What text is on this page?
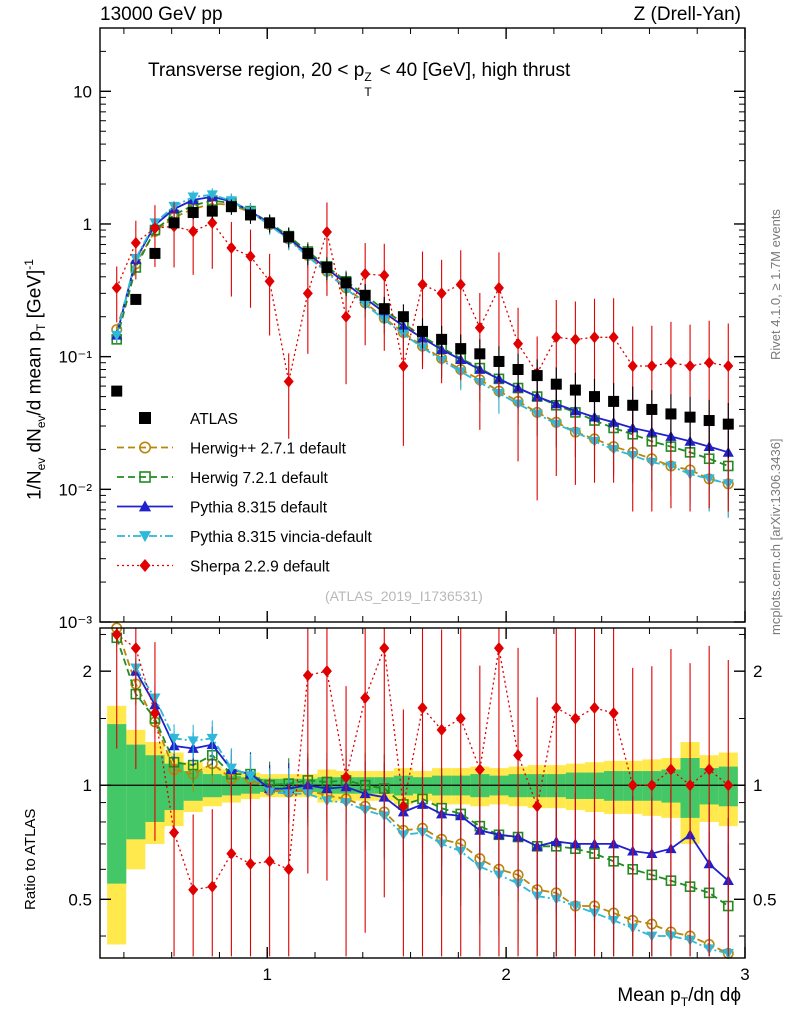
13000 GeV pp	Z (Drell-Yan)
Rivet 4.1.0, ≥ 1.7M events
mcplots.cern.ch [arXiv:1306.3436]
Transverse region, 20 < p
T
Z < 40 [GeV], high thrust
$1/N_{ev}$ $dN_{ev}/d$ mean $p_T$ [GeV]$^{-1}$
Ratio to ATLAS
Mean $p_T/d\eta$ dϕ
(ATLAS_2019_I1736531)
10
1
10⁻¹
10⁻²
10⁻³
2	2
1	1
0.5	0.5
1	2	3
ATLAS
Herwig++ 2.7.1 default
Herwig 7.2.1 default
Pythia 8.315 default
Pythia 8.315 vincia-default
Sherpa 2.2.9 default
